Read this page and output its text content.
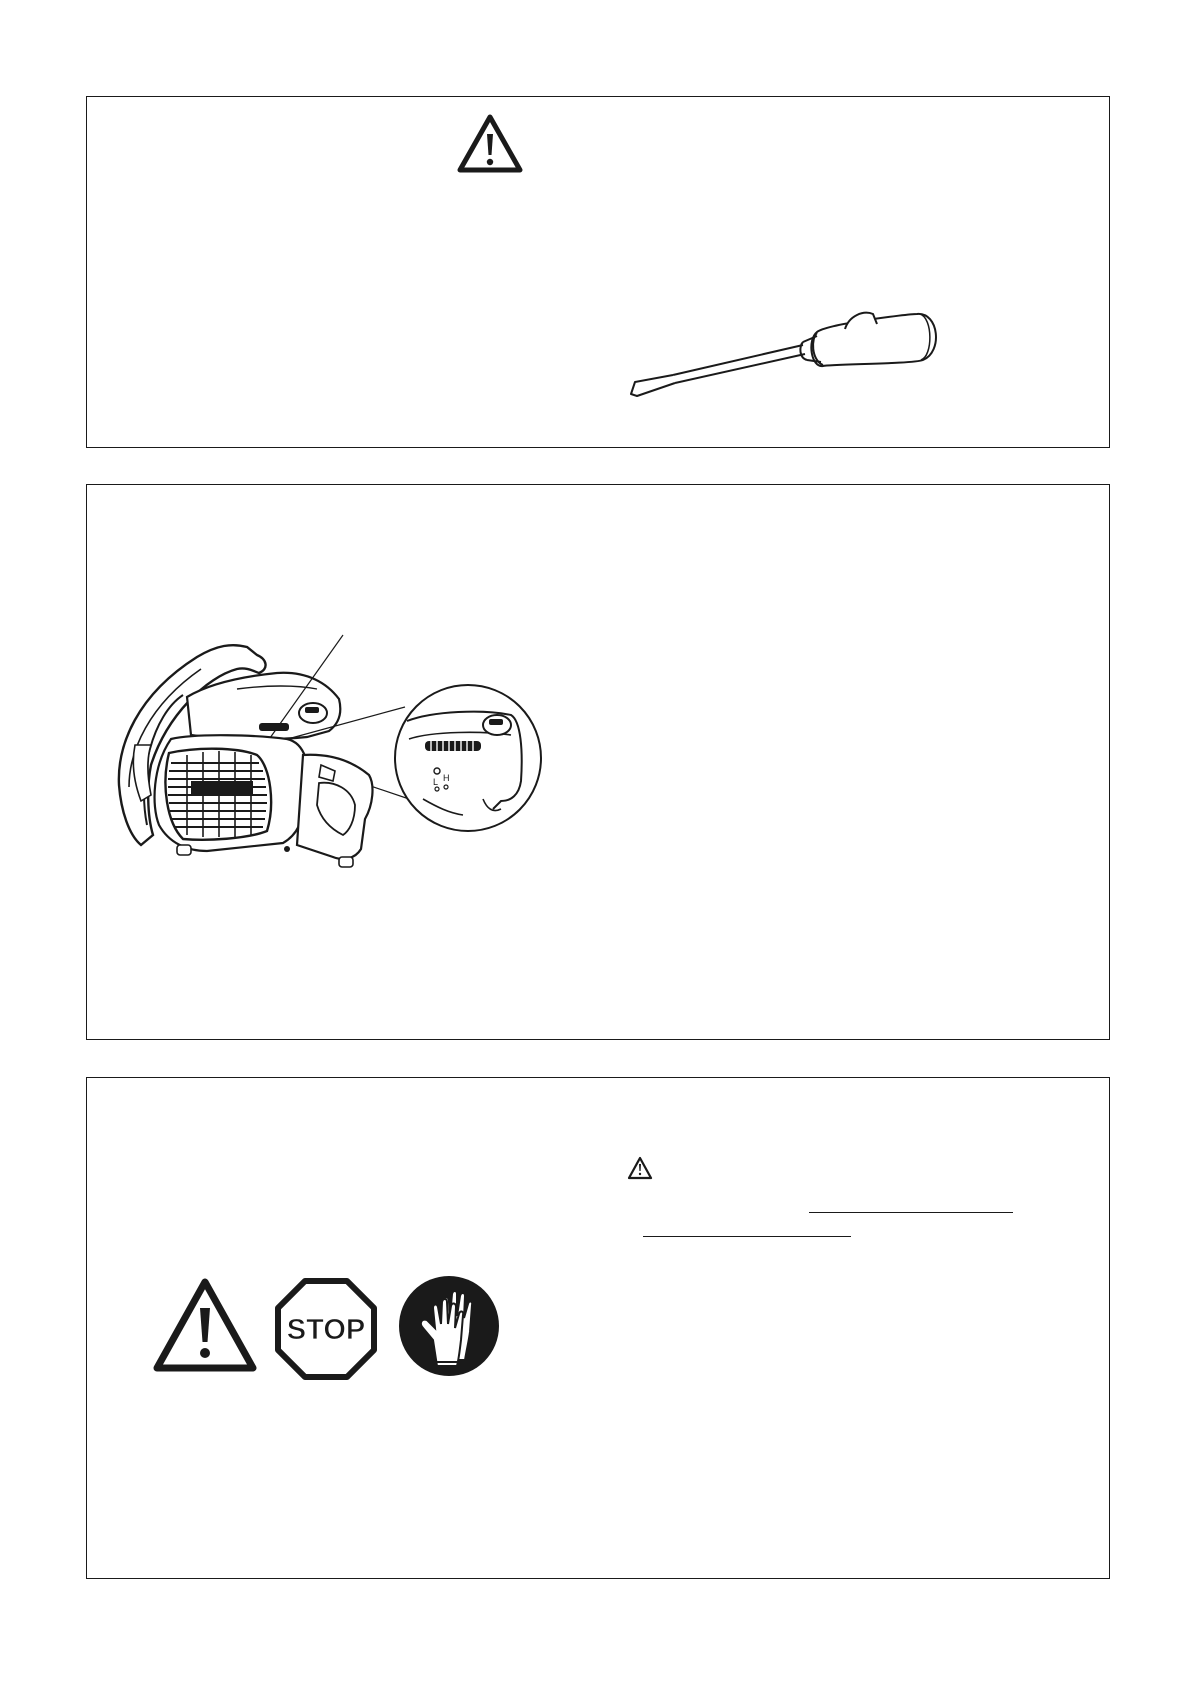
L H
STOP
